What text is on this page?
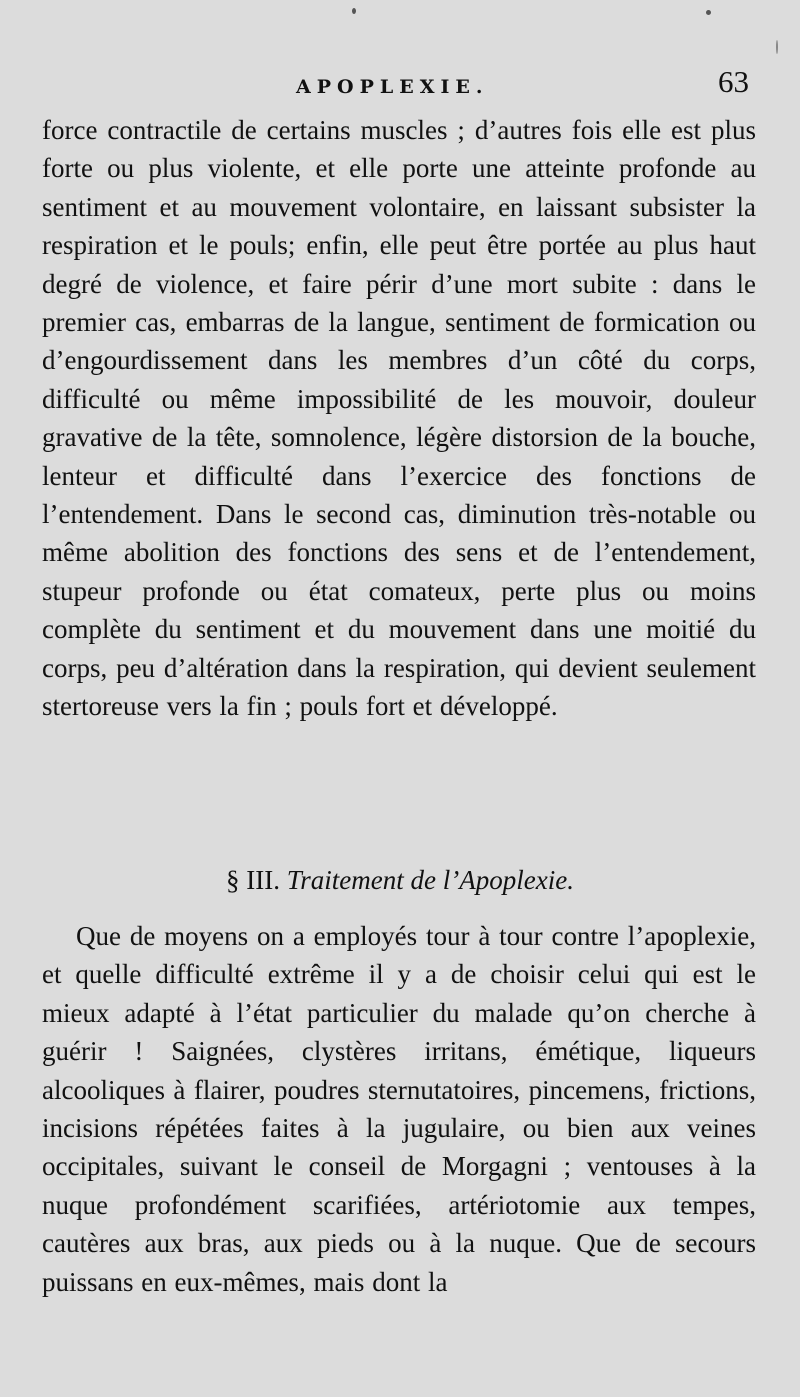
APOPLEXIE.	63

force contractile de certains muscles ; d’autres fois elle est plus forte ou plus violente, et elle porte une atteinte profonde au sentiment et au mouvement volontaire, en laissant subsister la respiration et le pouls; enfin, elle peut être portée au plus haut degré de violence, et faire périr d’une mort subite : dans le premier cas, embarras de la langue, sentiment de formication ou d’engourdissement dans les membres d’un côté du corps, difficulté ou même impossibilité de les mouvoir, douleur gravative de la tête, somnolence, légère distorsion de la bouche, lenteur et difficulté dans l’exercice des fonctions de l’entendement. Dans le second cas, diminution très-notable ou même abolition des fonctions des sens et de l’entendement, stupeur profonde ou état comateux, perte plus ou moins complète du sentiment et du mouvement dans une moitié du corps, peu d’altération dans la respiration, qui devient seulement stertoreuse vers la fin ; pouls fort et développé.

§ III. Traitement de l’Apoplexie.

Que de moyens on a employés tour à tour contre l’apoplexie, et quelle difficulté extrême il y a de choisir celui qui est le mieux adapté à l’état particulier du malade qu’on cherche à guérir ! Saignées, clystères irritans, émétique, liqueurs alcooliques à flairer, poudres sternutatoires, pincemens, frictions, incisions répétées faites à la jugulaire, ou bien aux veines occipitales, suivant le conseil de Morgagni ; ventouses à la nuque profondément scarifiées, artériotomie aux tempes, cautères aux bras, aux pieds ou à la nuque. Que de secours puissans en eux-mêmes, mais dont la
